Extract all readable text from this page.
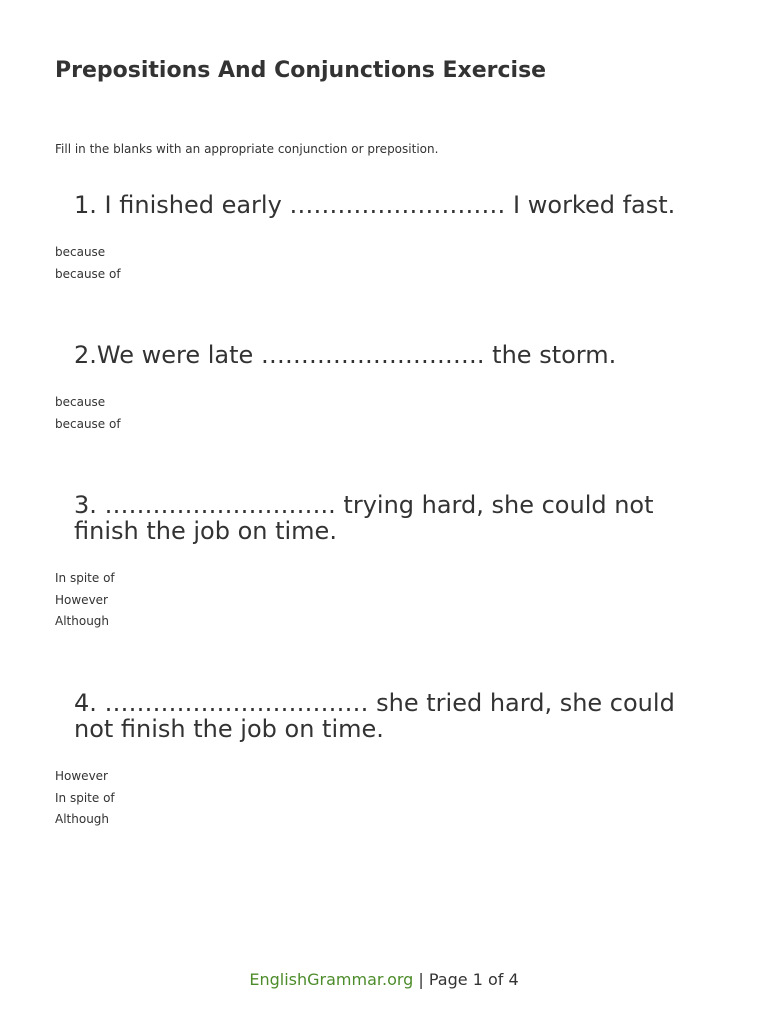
Prepositions And Conjunctions Exercise
Fill in the blanks with an appropriate conjunction or preposition.

1. I finished early ……………………… I worked fast.

because
because of

2.We were late ………………………. the storm.

because
because of

3. ……………………….. trying hard, she could not finish the job on time.

In spite of
However
Although

4. …………………………… she tried hard, she could not finish the job on time.

However
In spite of
Although
EnglishGrammar.org | Page 1 of 4
